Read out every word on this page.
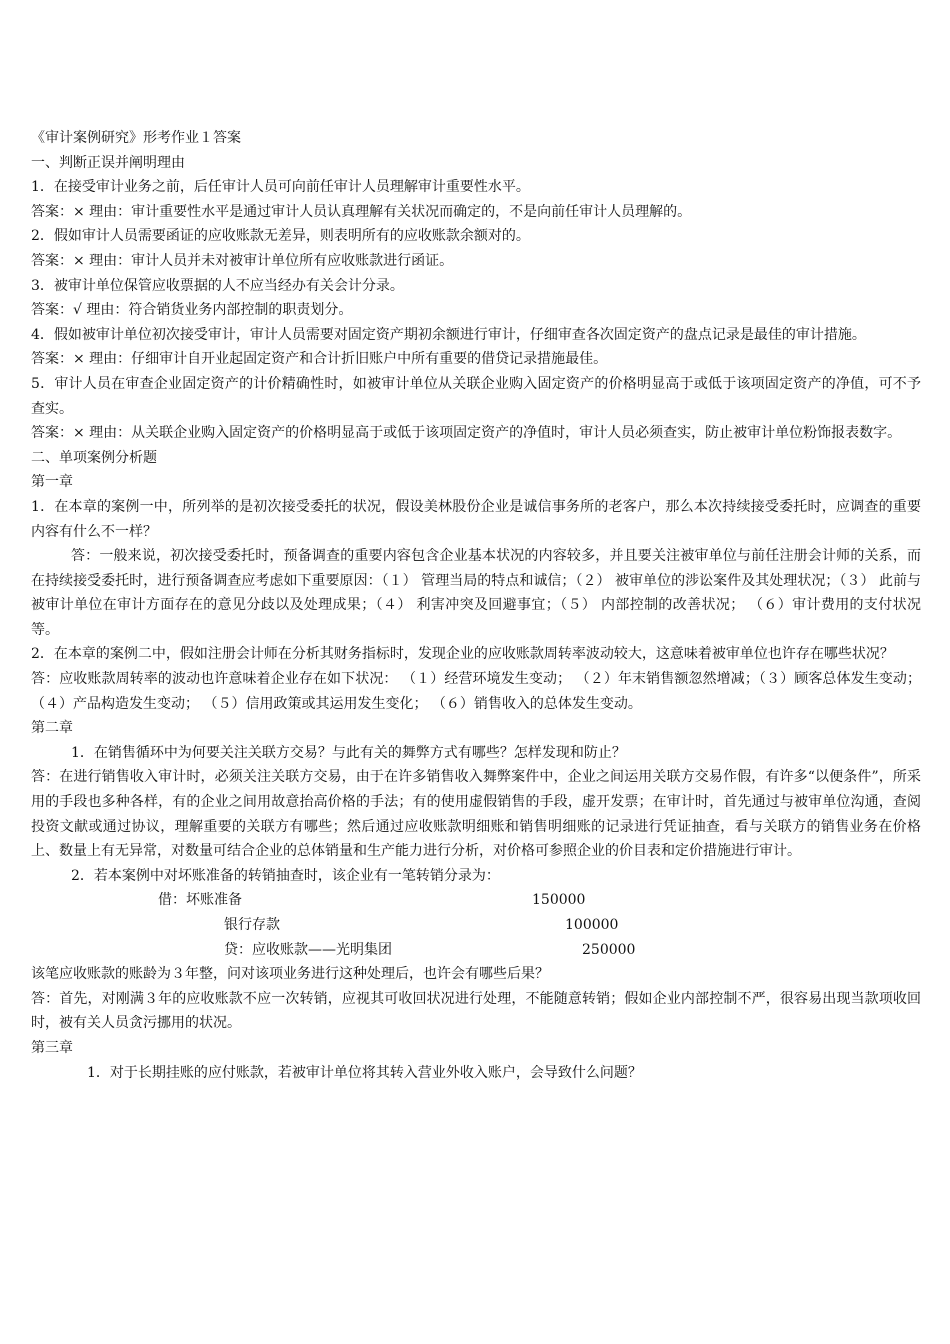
《审计案例研究》形考作业１答案
一、判断正误并阐明理由

1．在接受审计业务之前，后任审计人员可向前任审计人员理解审计重要性水平。

答案：× 理由：审计重要性水平是通过审计人员认真理解有关状况而确定的，不是向前任审计人员理解的。

2．假如审计人员需要函证的应收账款无差异，则表明所有的应收账款余额对的。

答案：× 理由：审计人员并未对被审计单位所有应收账款进行函证。

3．被审计单位保管应收票据的人不应当经办有关会计分录。

答案：√ 理由：符合销货业务内部控制的职责划分。

4．假如被审计单位初次接受审计，审计人员需要对固定资产期初余额进行审计，仔细审查各次固定资产的盘点记录是最佳的审计措施。

答案：× 理由：仔细审计自开业起固定资产和合计折旧账户中所有重要的借贷记录措施最佳。

5．审计人员在审查企业固定资产的计价精确性时，如被审计单位从关联企业购入固定资产的价格明显高于或低于该项固定资产的净值，可不予查实。

答案：× 理由：从关联企业购入固定资产的价格明显高于或低于该项固定资产的净值时，审计人员必须查实，防止被审计单位粉饰报表数字。

二、单项案例分析题
第一章

1．在本章的案例一中，所列举的是初次接受委托的状况，假设美林股份企业是诚信事务所的老客户，那么本次持续接受委托时，应调查的重要内容有什么不一样？

答：一般来说，初次接受委托时，预备调查的重要内容包含企业基本状况的内容较多，并且要关注被审单位与前任注册会计师的关系，而在持续接受委托时，进行预备调查应考虑如下重要原因：（１） 管理当局的特点和诚信；（２） 被审单位的涉讼案件及其处理状况；（３） 此前与被审计单位在审计方面存在的意见分歧以及处理成果；（４） 利害冲突及回避事宜；（５） 内部控制的改善状况； （６）审计费用的支付状况等。

2．在本章的案例二中，假如注册会计师在分析其财务指标时，发现企业的应收账款周转率波动较大，这意味着被审单位也许存在哪些状况？

答：应收账款周转率的波动也许意味着企业存在如下状况： （１）经营环境发生变动； （２）年末销售额忽然增减；（３）顾客总体发生变动；（４）产品构造发生变动； （５）信用政策或其运用发生变化； （６）销售收入的总体发生变动。

第二章

1．在销售循环中为何要关注关联方交易？与此有关的舞弊方式有哪些？怎样发现和防止？

答：在进行销售收入审计时，必须关注关联方交易，由于在许多销售收入舞弊案件中，企业之间运用关联方交易作假，有许多“以便条件”，所采用的手段也多种各样，有的企业之间用故意抬高价格的手法；有的使用虚假销售的手段，虚开发票；在审计时，首先通过与被审单位沟通，查阅投资文献或通过协议，理解重要的关联方有哪些；然后通过应收账款明细账和销售明细账的记录进行凭证抽查，看与关联方的销售业务在价格上、数量上有无异常，对数量可结合企业的总体销量和生产能力进行分析，对价格可参照企业的价目表和定价措施进行审计。

2．若本案例中对坏账准备的转销抽查时，该企业有一笔转销分录为：

借：坏账准备	150000
银行存款	100000
贷：应收账款——光明集团	250000

该笔应收账款的账龄为３年整，问对该项业务进行这种处理后，也许会有哪些后果？

答：首先，对刚满３年的应收账款不应一次转销，应视其可收回状况进行处理，不能随意转销；假如企业内部控制不严，很容易出现当款项收回时，被有关人员贪污挪用的状况。

第三章

1．对于长期挂账的应付账款，若被审计单位将其转入营业外收入账户，会导致什么问题？
